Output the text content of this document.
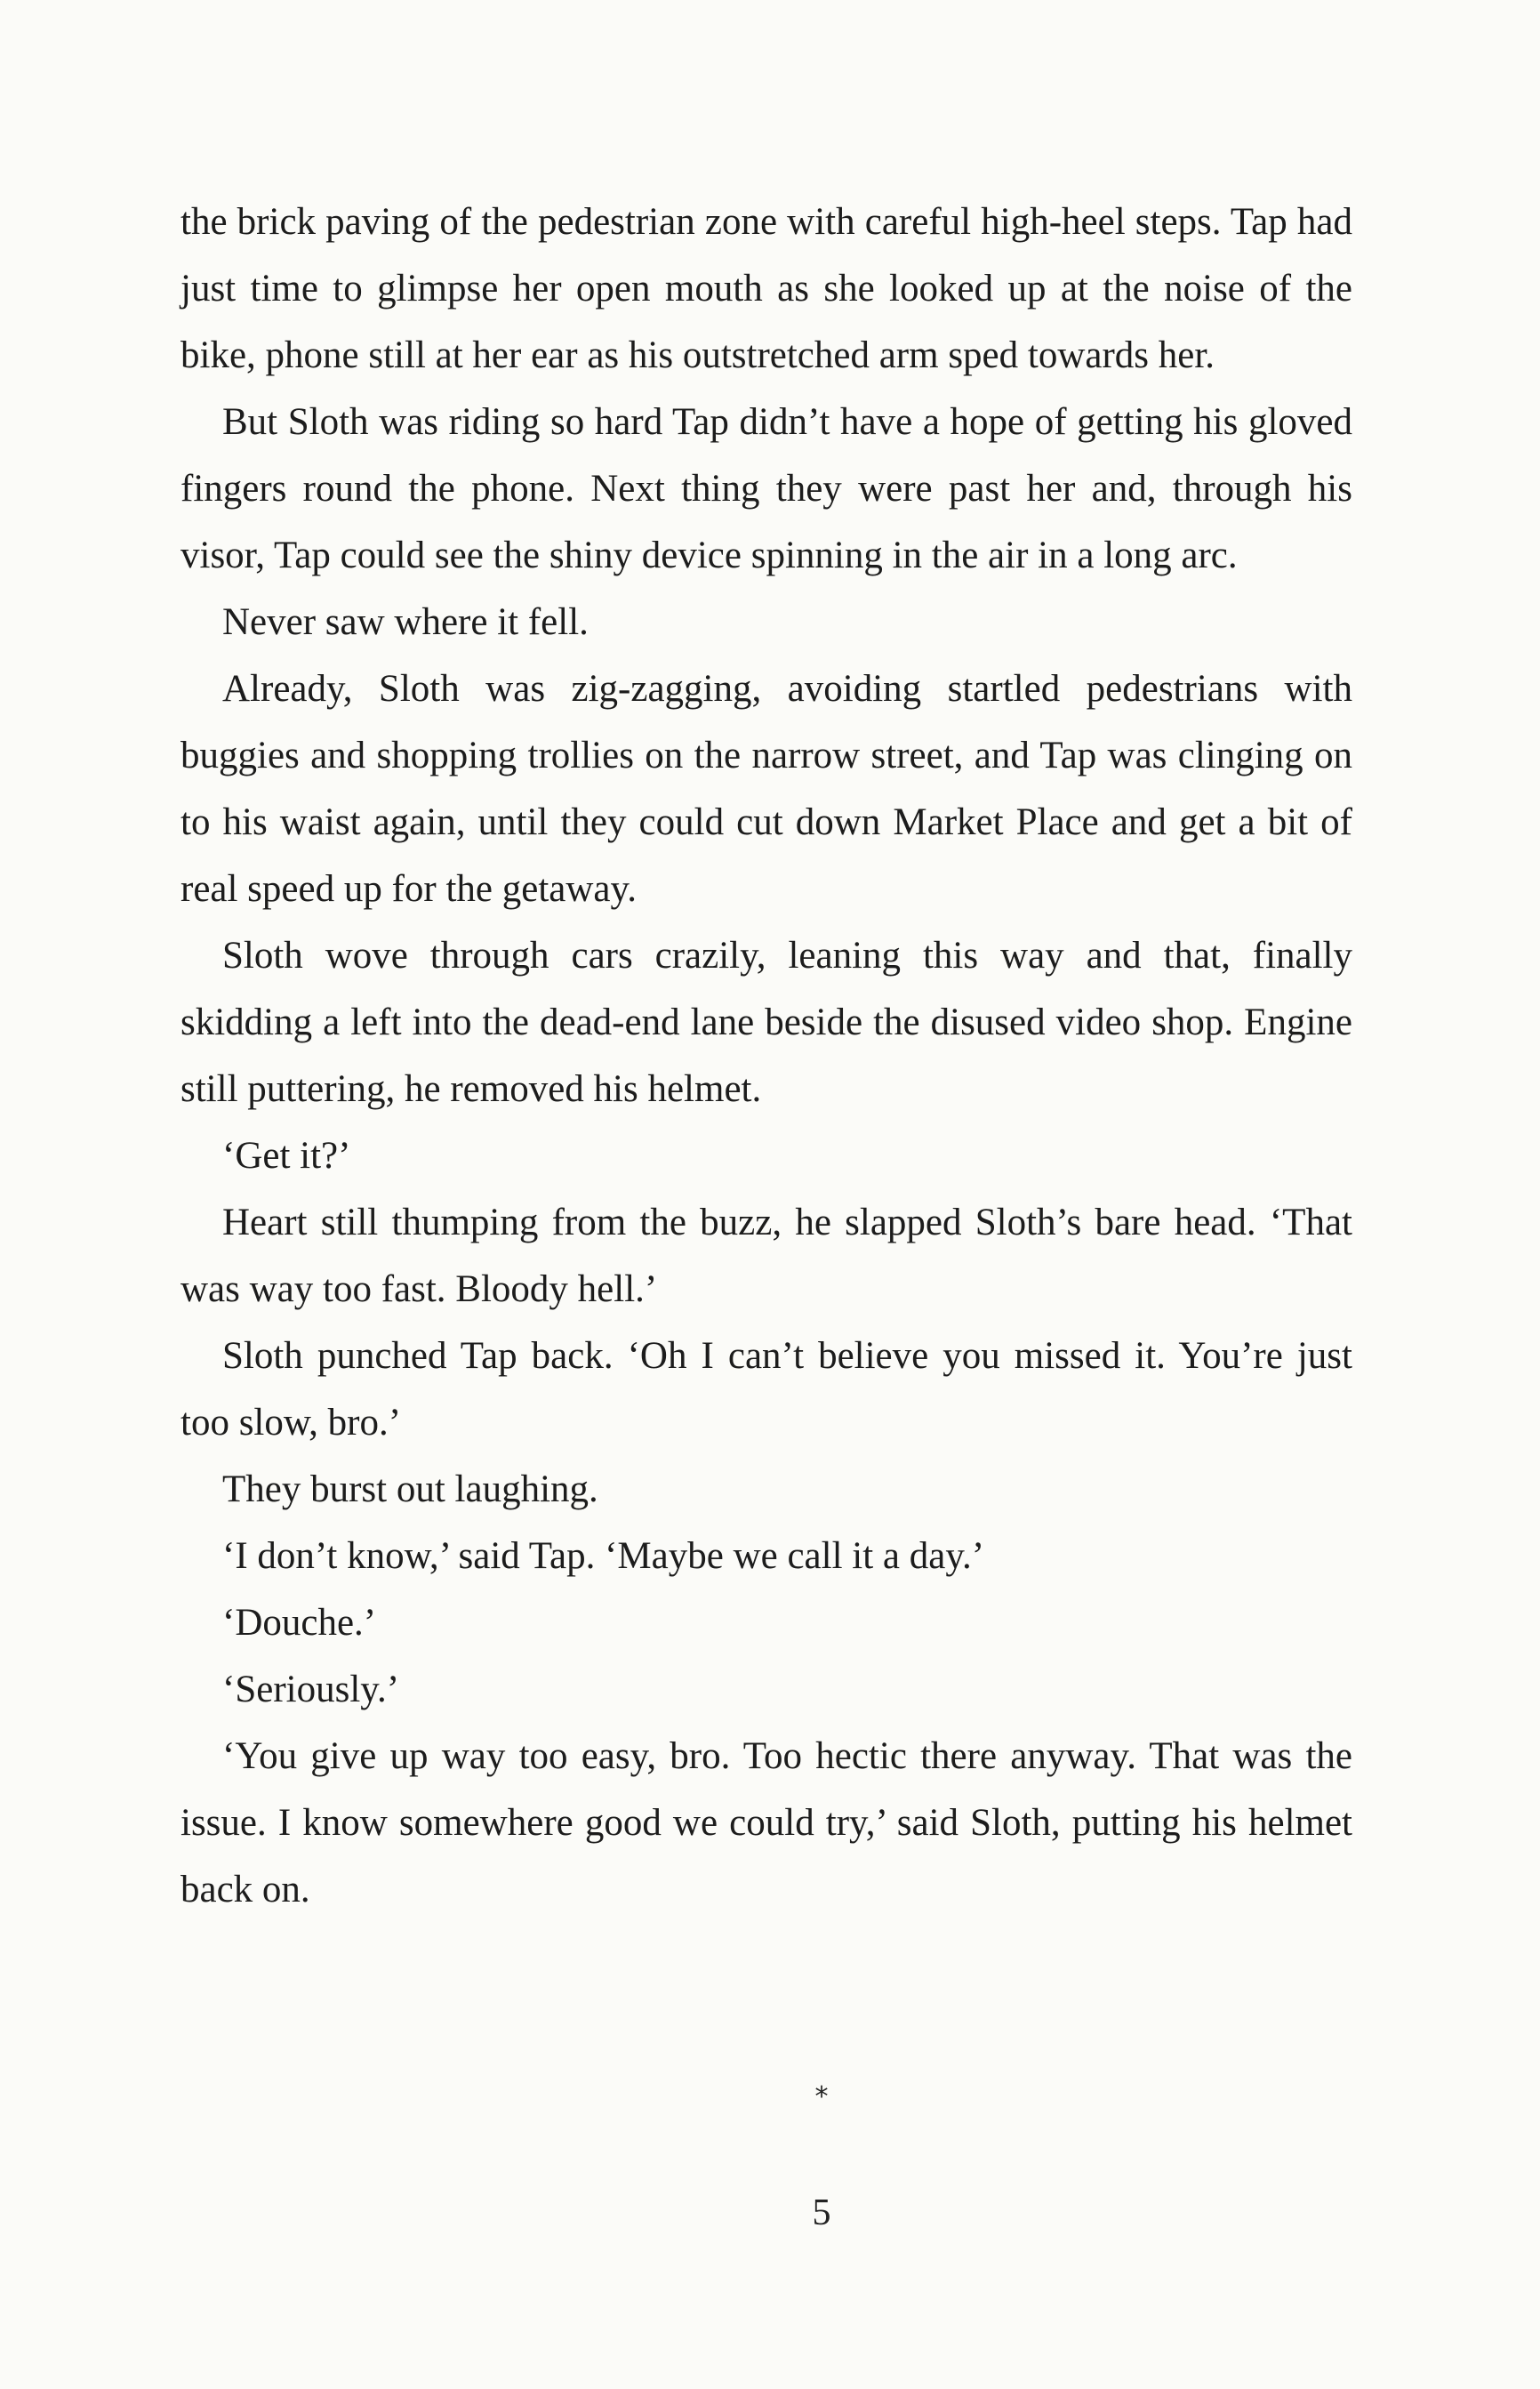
the brick paving of the pedestrian zone with careful high-heel steps. Tap had just time to glimpse her open mouth as she looked up at the noise of the bike, phone still at her ear as his outstretched arm sped towards her.

But Sloth was riding so hard Tap didn’t have a hope of getting his gloved fingers round the phone. Next thing they were past her and, through his visor, Tap could see the shiny device spinning in the air in a long arc.

Never saw where it fell.

Already, Sloth was zig-zagging, avoiding startled pedestrians with buggies and shopping trollies on the narrow street, and Tap was clinging on to his waist again, until they could cut down Market Place and get a bit of real speed up for the getaway.

Sloth wove through cars crazily, leaning this way and that, finally skidding a left into the dead-end lane beside the disused video shop. Engine still puttering, he removed his helmet.

‘Get it?’

Heart still thumping from the buzz, he slapped Sloth’s bare head. ‘That was way too fast. Bloody hell.’

Sloth punched Tap back. ‘Oh I can’t believe you missed it. You’re just too slow, bro.’

They burst out laughing.

‘I don’t know,’ said Tap. ‘Maybe we call it a day.’

‘Douche.’

‘Seriously.’

‘You give up way too easy, bro. Too hectic there anyway. That was the issue. I know somewhere good we could try,’ said Sloth, putting his helmet back on.

*
5
